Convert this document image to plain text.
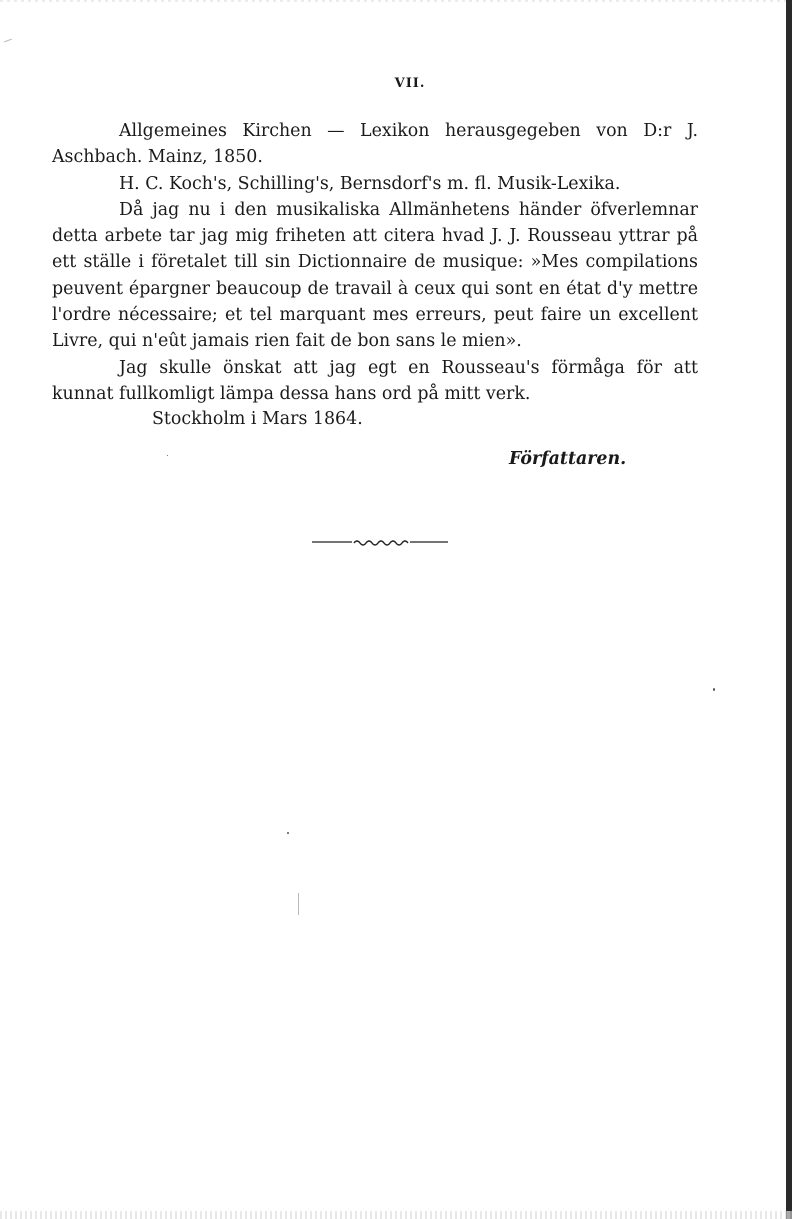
VII.

Allgemeines Kirchen — Lexikon herausgegeben von D:r J. Aschbach. Mainz, 1850.

H. C. Koch's, Schilling's, Bernsdorf's m. fl. Musik-Lexika.

Då jag nu i den musikaliska Allmänhetens händer öfverlemnar detta arbete tar jag mig friheten att citera hvad J. J. Rousseau yttrar på ett ställe i företalet till sin Dictionnaire de musique: »Mes compilations peuvent épargner beaucoup de travail à ceux qui sont en état d'y mettre l'ordre nécessaire; et tel marquant mes erreurs, peut faire un excellent Livre, qui n'eût jamais rien fait de bon sans le mien».

Jag skulle önskat att jag egt en Rousseau's förmåga för att kunnat fullkomligt lämpa dessa hans ord på mitt verk.

Stockholm i Mars 1864.
Författaren.
